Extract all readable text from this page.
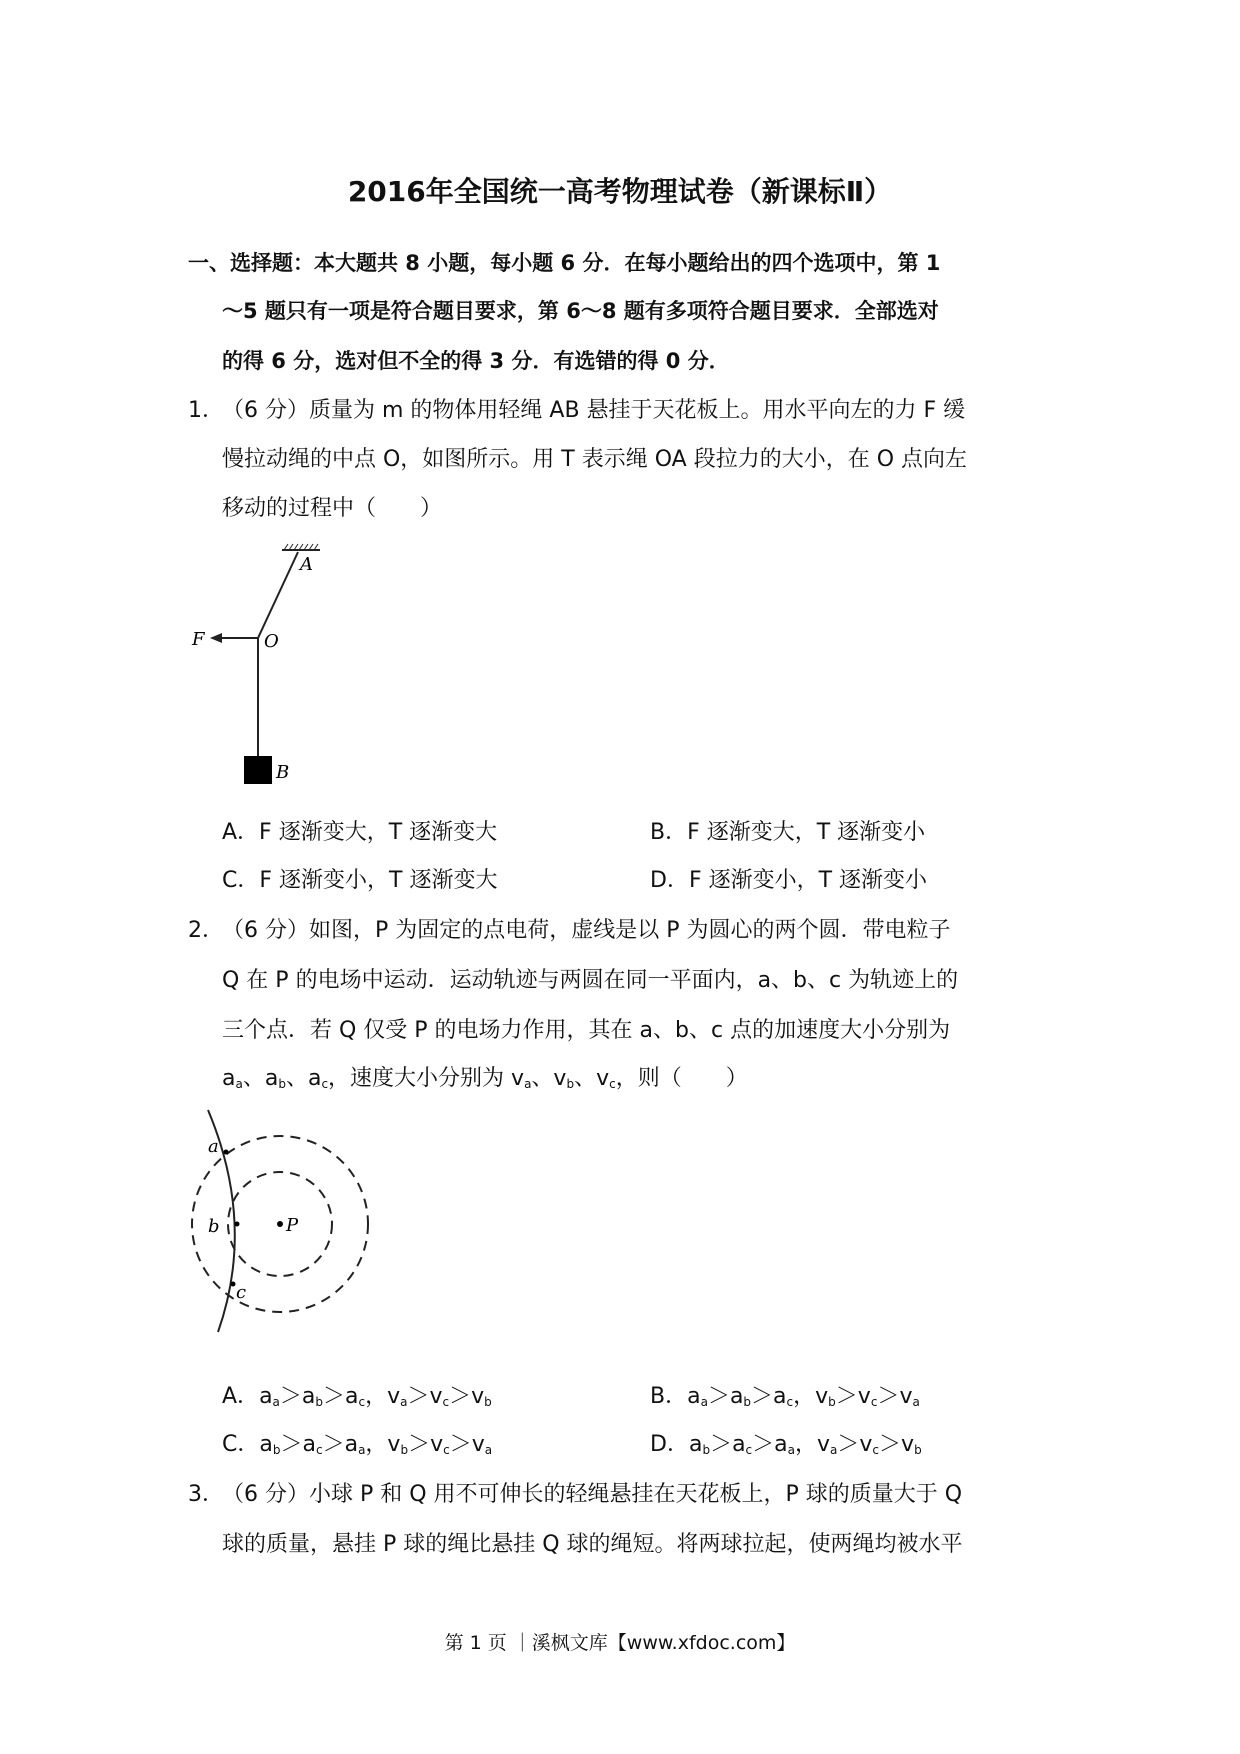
2016年全国统一高考物理试卷（新课标Ⅱ）
一、选择题：本大题共 8 小题，每小题 6 分．在每小题给出的四个选项中，第 1
～5 题只有一项是符合题目要求，第 6～8 题有多项符合题目要求．全部选对
的得 6 分，选对但不全的得 3 分．有选错的得 0 分．
1．
（6 分）质量为 m 的物体用轻绳 AB 悬挂于天花板上。用水平向左的力 F 缓
慢拉动绳的中点 O，如图所示。用 T 表示绳 OA 段拉力的大小，在 O 点向左
移动的过程中（　　）
A
O
F
B
A．F 逐渐变大，T 逐渐变大	B．F 逐渐变大，T 逐渐变小
C．F 逐渐变小，T 逐渐变大	D．F 逐渐变小，T 逐渐变小
2．
（6 分）如图，P 为固定的点电荷，虚线是以 P 为圆心的两个圆．带电粒子
Q 在 P 的电场中运动．运动轨迹与两圆在同一平面内，a、b、c 为轨迹上的
三个点．若 Q 仅受 P 的电场力作用，其在 a、b、c 点的加速度大小分别为
$a_a$、$a_b$、$a_c$，速度大小分别为 $v_a$、$v_b$、$v_c$，则（　　）
a
b
c
P
A．$a_a>a_b>a_c$，$v_a>v_c>v_b$	B．$a_a>a_b>a_c$，$v_b>v_c>v_a$
C．$a_b>a_c>a_a$，$v_b>v_c>v_a$	D．$a_b>a_c>a_a$，$v_a>v_c>v_b$
3．
（6 分）小球 P 和 Q 用不可伸长的轻绳悬挂在天花板上，P 球的质量大于 Q
球的质量，悬挂 P 球的绳比悬挂 Q 球的绳短。将两球拉起，使两绳均被水平
第 1 页 ｜溪枫文库【www.xfdoc.com】
